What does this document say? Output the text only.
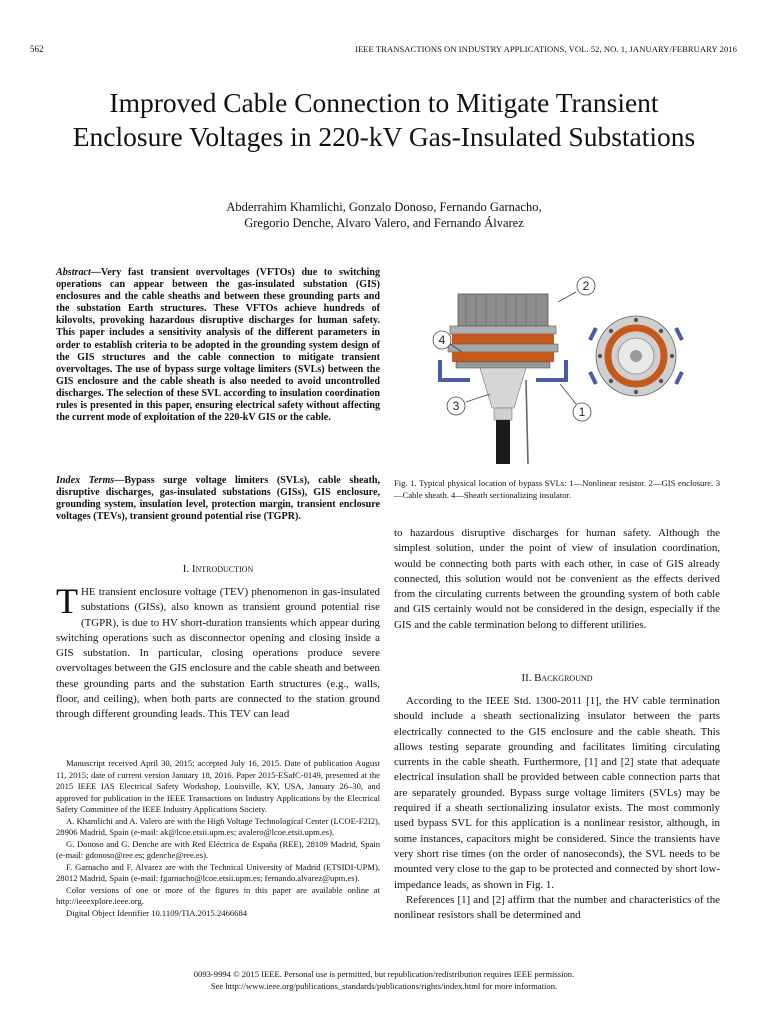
562	IEEE TRANSACTIONS ON INDUSTRY APPLICATIONS, VOL. 52, NO. 1, JANUARY/FEBRUARY 2016
Improved Cable Connection to Mitigate Transient Enclosure Voltages in 220-kV Gas-Insulated Substations
Abderrahim Khamlichi, Gonzalo Donoso, Fernando Garnacho,
Gregorio Denche, Alvaro Valero, and Fernando Álvarez
Abstract—Very fast transient overvoltages (VFTOs) due to switching operations can appear between the gas-insulated substation (GIS) enclosures and the cable sheaths and between these grounding parts and the substation Earth structures. These VFTOs achieve hundreds of kilovolts, provoking hazardous disruptive discharges for human safety. This paper includes a sensitivity analysis of the different parameters in order to establish criteria to be adopted in the grounding system design of the GIS structures and the cable connection to mitigate transient overvoltages. The use of bypass surge voltage limiters (SVLs) between the GIS enclosure and the cable sheath is also needed to avoid uncontrolled discharges. The selection of these SVL according to insulation coordination rules is presented in this paper, ensuring electrical safety without affecting the current mode of exploitation of the 220-kV GIS or the cable.
Index Terms—Bypass surge voltage limiters (SVLs), cable sheath, disruptive discharges, gas-insulated substations (GISs), GIS enclosure, grounding system, insulation level, protection margin, transient enclosure voltages (TEVs), transient ground potential rise (TGPR).
I. Introduction
THE transient enclosure voltage (TEV) phenomenon in gas-insulated substations (GISs), also known as transient ground potential rise (TGPR), is due to HV short-duration transients which appear during switching operations such as disconnector opening and closing inside a GIS substation. In particular, closing operations produce severe overvoltages between the GIS enclosure and the cable sheath and between these grounding parts and the substation Earth structures (e.g., walls, floor, and ceiling), when both parts are connected to the station ground through different grounding leads. This TEV can lead

Manuscript received April 30, 2015; accepted July 16, 2015. Date of publication August 11, 2015; date of current version January 18, 2016. Paper 2015-ESafC-0149, presented at the 2015 IEEE IAS Electrical Safety Workshop, Louisville, KY, USA, January 26–30, and approved for publication in the IEEE Transactions on Industry Applications by the Electrical Safety Committee of the IEEE Industry Applications Society.

A. Khamlichi and A. Valero are with the High Voltage Technological Center (LCOE-F2I2), 28906 Madrid, Spain (e-mail: ak@lcoe.etsii.upm.es; avalero@lcoe.etsii.upm.es).

G. Donoso and G. Denche are with Red Eléctrica de España (REE), 28109 Madrid, Spain (e-mail: gdonoso@ree.es; gdenche@ree.es).

F. Garnacho and F. Alvarez are with the Technical University of Madrid (ETSIDI-UPM), 28012 Madrid, Spain (e-mail: fgarnacho@lcoe.etsii.upm.es; fernando.alvarez@upm.es).

Color versions of one or more of the figures in this paper are available online at http://ieeexplore.ieee.org.

Digital Object Identifier 10.1109/TIA.2015.2466684

2
4
3	1
Fig. 1. Typical physical location of bypass SVLs: 1—Nonlinear resistor. 2—GIS enclosure. 3—Cable sheath. 4—Sheath sectionalizing insulator.
to hazardous disruptive discharges for human safety. Although the simplest solution, under the point of view of insulation coordination, would be connecting both parts with each other, in case of GIS already connected, this solution would not be convenient as the effects derived from the circulating currents between the grounding system of both cable and GIS certainly would not be considered in the design, especially if the GIS and the cable termination belong to different utilities.
II. Background

According to the IEEE Std. 1300-2011 [1], the HV cable termination should include a sheath sectionalizing insulator between the parts electrically connected to the GIS enclosure and the cable sheath. This allows testing separate grounding and facilitates limiting circulating currents in the cable sheath. Furthermore, [1] and [2] state that adequate electrical insulation shall be provided between cable connection parts that are separately grounded. Bypass surge voltage limiters (SVLs) may be required if a sheath sectionalizing insulator exists. The most commonly used bypass SVL for this application is a nonlinear resistor, although, in some instances, capacitors might be considered. Since the transients have very short rise times (on the order of nanoseconds), the SVL needs to be mounted very close to the gap to be protected and connected by short low-impedance leads, as shown in Fig. 1.

References [1] and [2] affirm that the number and characteristics of the nonlinear resistors shall be determined and

0093-9994 © 2015 IEEE. Personal use is permitted, but republication/redistribution requires IEEE permission.
See http://www.ieee.org/publications_standards/publications/rights/index.html for more information.
